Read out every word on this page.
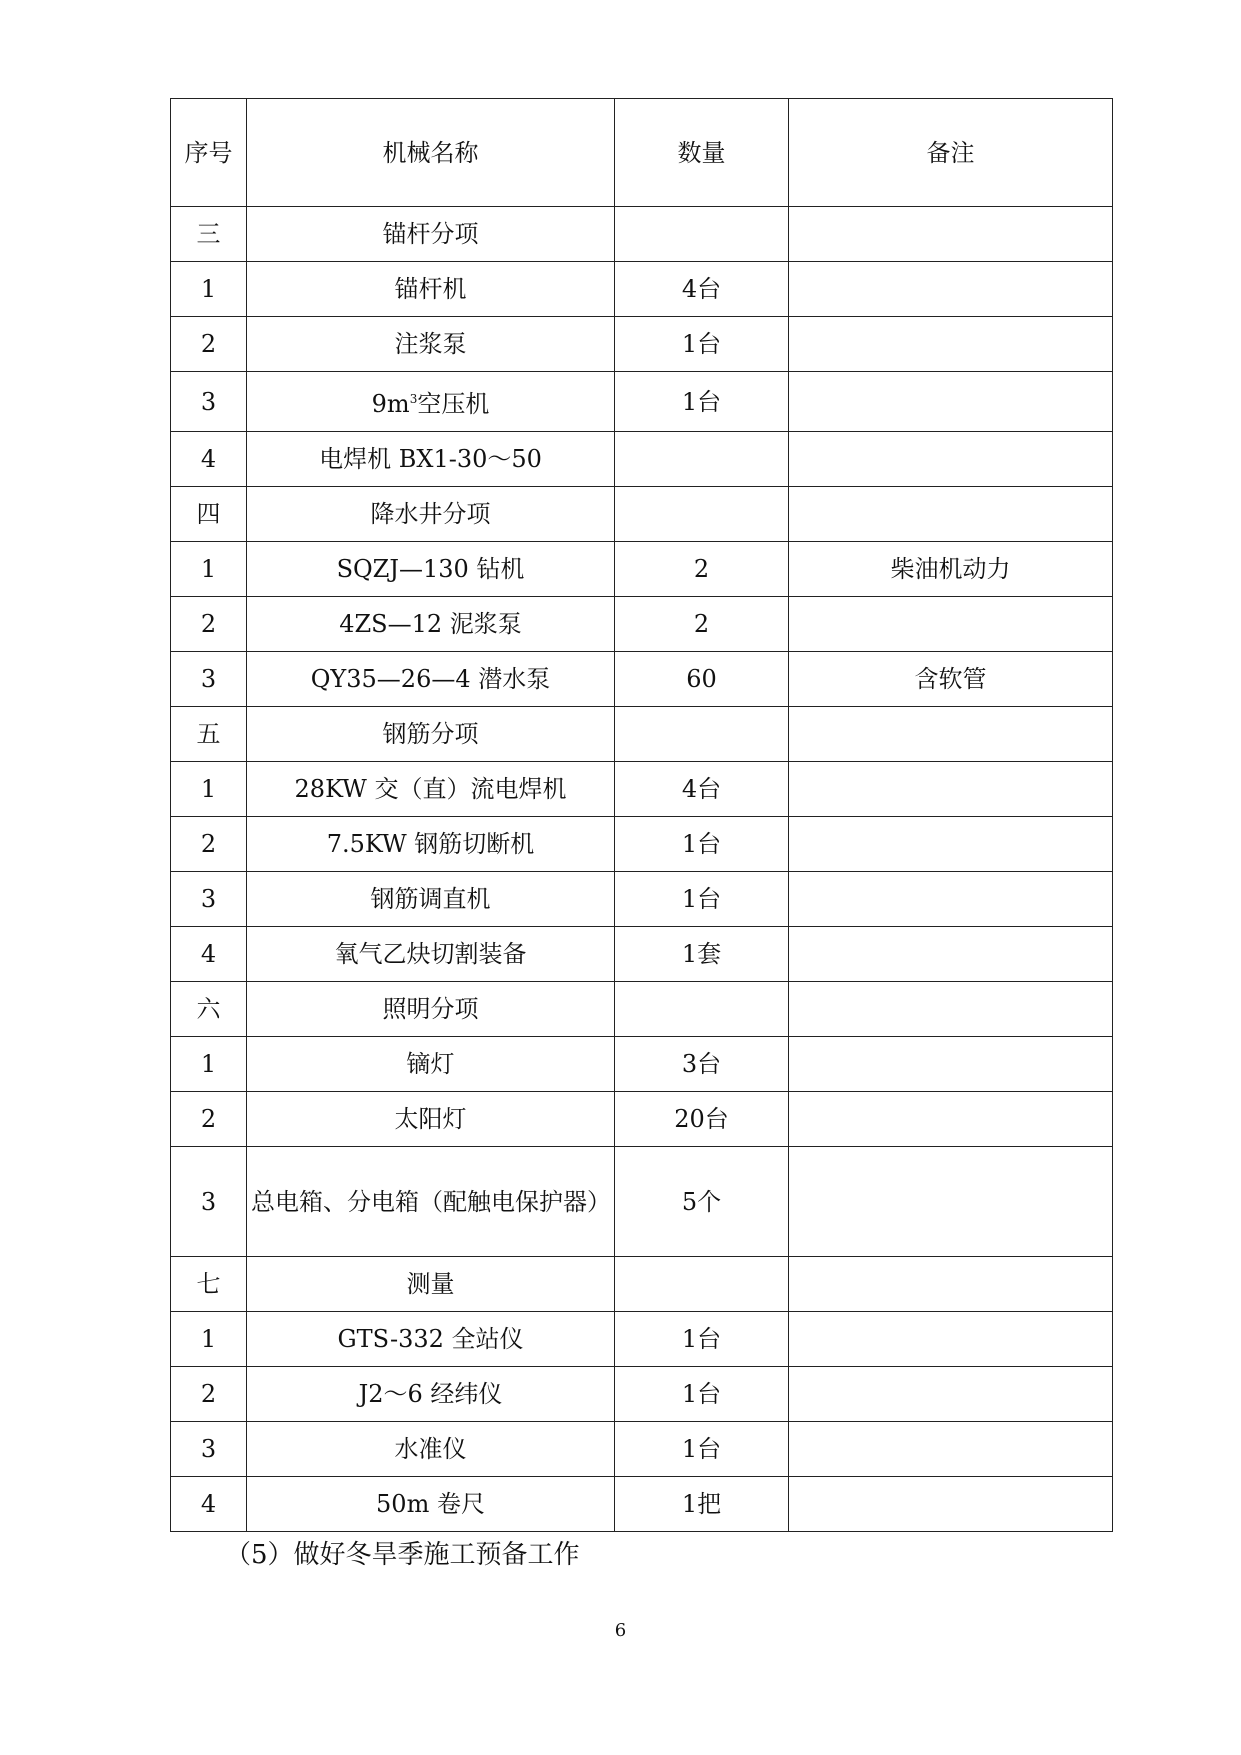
序号	机械名称	数量	备注
三	锚杆分项		
1	锚杆机	4台	
2	注浆泵	1台	
3	$9m^3$空压机	1台	
4	电焊机 BX1-30～50		
四	降水井分项		
1	SQZJ—130 钻机	2	柴油机动力
2	4ZS—12 泥浆泵	2	
3	QY35—26—4 潜水泵	60	含软管
五	钢筋分项		
1	28KW 交（直）流电焊机	4台	
2	7.5KW 钢筋切断机	1台	
3	钢筋调直机	1台	
4	氧气乙炔切割装备	1套	
六	照明分项		
1	镝灯	3台	
2	太阳灯	20台	
3	总电箱、分电箱（配触电保护器）	5个	
七	测量		
1	GTS-332 全站仪	1台	
2	J2～6 经纬仪	1台	
3	水准仪	1台	
4	50m 卷尺	1把	
（5）做好冬旱季施工预备工作
6
